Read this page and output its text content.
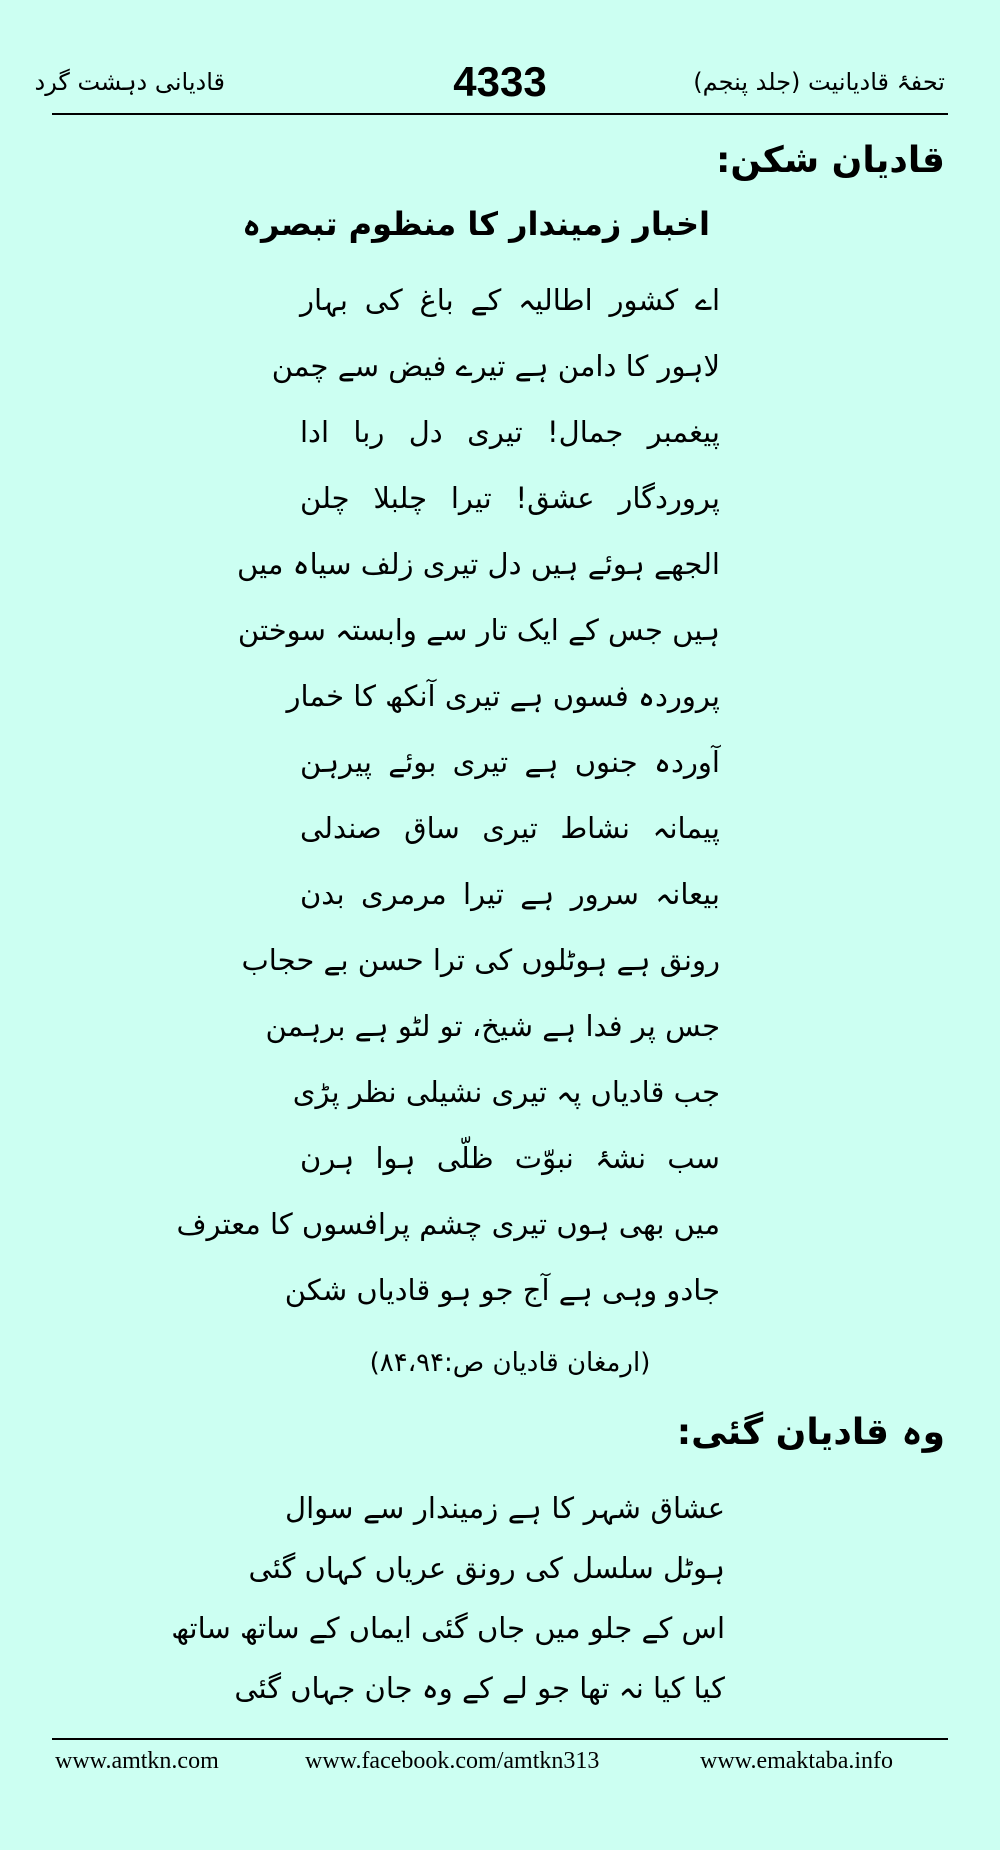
قادیانی دہشت گرد	4333	تحفۂ قادیانیت (جلد پنجم)
قادیان شکن:
اخبار زمیندار کا منظوم تبصرہ
اے کشور اطالیہ کے باغ کی بہار
لاہور کا دامن ہے تیرے فیض سے چمن
پیغمبر جمال! تیری دل ربا ادا
پروردگار عشق! تیرا چلبلا چلن
الجھے ہوئے ہیں دل تیری زلف سیاہ میں
ہیں جس کے ایک تار سے وابستہ سوختن
پروردہ فسوں ہے تیری آنکھ کا خمار
آوردہ جنوں ہے تیری بوئے پیرہن
پیمانہ نشاط تیری ساق صندلی
بیعانہ سرور ہے تیرا مرمری بدن
رونق ہے ہوٹلوں کی ترا حسن بے حجاب
جس پر فدا ہے شیخ، تو لٹو ہے برہمن
جب قادیاں پہ تیری نشیلی نظر پڑی
سب نشۂ نبوّت ظلّی ہوا ہرن
میں بھی ہوں تیری چشم پرافسوں کا معترف
جادو وہی ہے آج جو ہو قادیاں شکن
(ارمغان قادیان ص:۸۴،۹۴)
وہ قادیان گئی:
عشاق شہر کا ہے زمیندار سے سوال
ہوٹل سلسل کی رونق عریاں کہاں گئی
اس کے جلو میں جاں گئی ایماں کے ساتھ ساتھ
کیا کیا نہ تھا جو لے کے وہ جان جہاں گئی
www.amtkn.com	www.facebook.com/amtkn313	www.emaktaba.info
